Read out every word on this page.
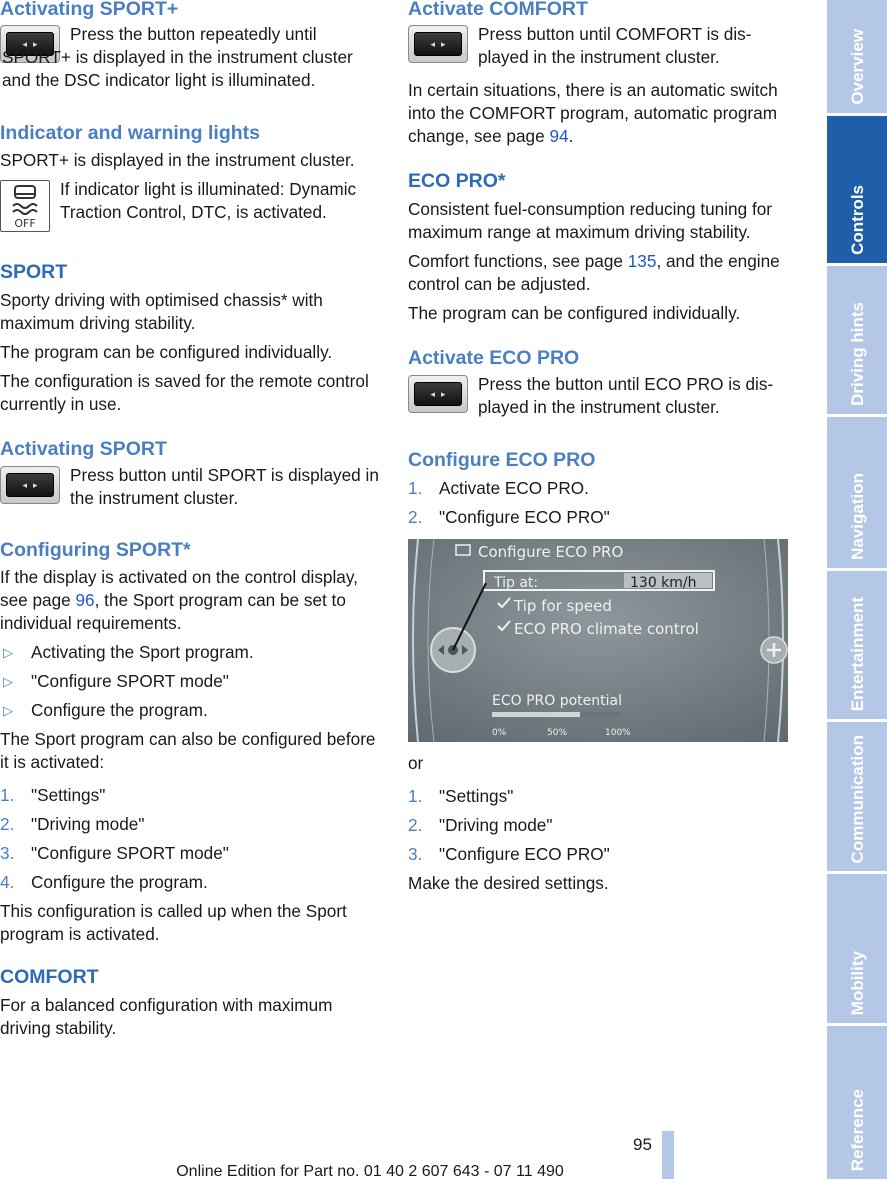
Activating SPORT+
◂ ▸	Press the button repeatedly until SPORT+ is displayed in the instrument cluster and the DSC indicator light is illuminated.

Indicator and warning lights

SPORT+ is displayed in the instrument cluster.

OFF

If indicator light is illuminated: Dynamic Traction Control, DTC, is activated.

SPORT

Sporty driving with optimised chassis* with maximum driving stability.

The program can be configured individually.

The configuration is saved for the remote control currently in use.

Activating SPORT
◂ ▸ Press button until SPORT is displayed in the instrument cluster.

Configuring SPORT*

If the display is activated on the control display, see page 96, the Sport program can be set to individual requirements.

▷ Activating the Sport program.
▷ "Configure SPORT mode"
▷ Configure the program.

The Sport program can also be configured before it is activated:

1. "Settings"
2. "Driving mode"
3. "Configure SPORT mode"
4. Configure the program.

This configuration is called up when the Sport program is activated.

COMFORT

For a balanced configuration with maximum driving stability.

Activate COMFORT
◂ ▸ Press button until COMFORT is displayed in the instrument cluster.

In certain situations, there is an automatic switch into the COMFORT program, automatic program change, see page 94.

ECO PRO*

Consistent fuel-consumption reducing tuning for maximum range at maximum driving stability.

Comfort functions, see page 135, and the engine control can be adjusted.

The program can be configured individually.

Activate ECO PRO
◂ ▸ Press the button until ECO PRO is displayed in the instrument cluster.

Configure ECO PRO
1. Activate ECO PRO.
2. "Configure ECO PRO"
Configure ECO PRO
Tip at:	130 km/h
Tip for speed
ECO PRO climate control
ECO PRO potential
0%	50%	100%

or

1. "Settings"
2. "Driving mode"
3. "Configure ECO PRO"

Make the desired settings.

Overview
Controls
Driving hints
Navigation
Entertainment
Communication
Mobility
Reference
95
Online Edition for Part no. 01 40 2 607 643 - 07 11 490
